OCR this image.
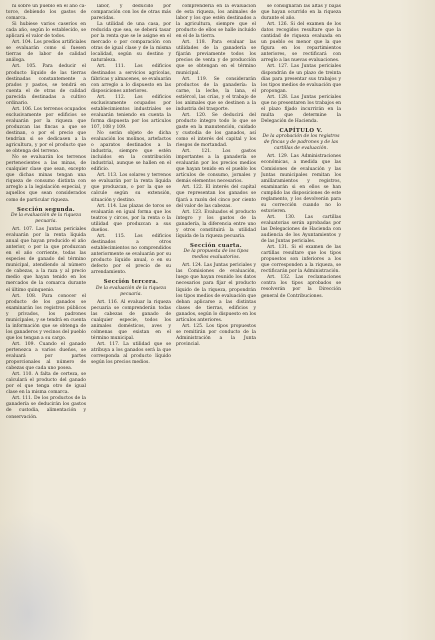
ni sobre un pueblo en el año ca-torce, debiendo los gastos de comarca.

Si hubiese varios caseríos en cada año, según lo establecido, se aplicará el valor de todos.

Art. 104. Los predios artificiales se evaluarán como si fuesen tierras de labor de calidad análoga.

Art. 105. Para deducir el producto líquido de las tierras destinadas constantemente a prados y pastos, se tendrá en cuenta el de otras de calidad parecida destinadas a cultivo ordinario.

Art. 106. Los terrenos ocupados exclusivamente por edificios se evaluarán por la riqueza que produzcan las fincas a que se destinan, o por el precio que tendrían si se dedicasen a la agricultura, y por el producto que se obtenga del terreno.

No se evaluarán los terrenos pertenecientes a las minas, de cualquier clase que sean, excepto que dichas minas tengan una riqueza de consumo distinta con arreglo a la legislación especial, y aquellos que sean considerados como de particular riqueza.

Sección segunda.

De la evaluación de la riqueza pecuaria.

Art. 107. Las Juntas periciales evaluarán por la renta líquida anual que hayan producido el año anterior, o por la que produzcan en el año corriente, todas las especies de ganado del término municipal, atendiendo al número de cabezas, a la raza y al precio medio que hayan tenido en los mercados de la comarca durante el último quinquenio.

Art. 108. Para conocer el producto de los ganados se examinarán los registros públicos y privados, los padrones municipales, y se tendrá en cuenta la información que se obtenga de los ganaderos y vecinos del pueblo que los tengan a su cargo.

Art. 109. Cuando el ganado pertenezca a varios dueños, se evaluará por partes proporcionales al número de cabezas que cada uno posea.

Art. 110. A falta de certeza, se calculará el producto del ganado por el que tenga otro de igual clase en la misma comarca.

Art. 111. De los productos de la ganadería se deducirán los gastos de custodia, alimentación y conservación.

labor, y deducido por comparación con los de otras más parecidas.

La utilidad de una casa, por reducida que sea, se deberá tasar por la renta que se le asigne en el mercado o por comparación con otras de igual clase y de la misma localidad, según su destino y naturaleza.

Art. 111. Los edificios destinados a servicios agrícolas, fábricas y almacenes, se evaluarán con arreglo a lo dispuesto en las disposiciones anteriores.

Art. 112. Los edificios exclusivamente ocupados por establecimientos industriales se evaluarán teniendo en cuenta la forma dispuesta por los artículos 107, 108 y 109.

No serán objeto de dicha evaluación los molinos, artefactos o aparatos destinados a la industria, siempre que estén incluidos en la contribución industrial, aunque se hallen en el edificio.

Art. 113. Los solares y terrenos se evaluarán por la renta líquida que produzcan, o por la que se calcule según su extensión, situación y destino.

Art. 114. Las plazas de toros se evaluarán en igual forma que los teatros y circos, por la renta o la utilidad que produzcan a sus dueños.

Art. 115. Los edificios destinados a otros establecimientos no comprendidos anteriormente se evaluarán por su producto líquido anual, o en su defecto por el precio de su arrendamiento.

Sección tercera.

De la evaluación de la riqueza pecuaria.

Art. 116. Al evaluar la riqueza pecuaria se comprenderán todas las cabezas de ganado de cualquier especie, todos los animales domésticos, aves y colmenas que existan en el término municipal.

Art. 117. La utilidad que se atribuya a los ganados será la que corresponda al producto líquido según los precios medios.

comprendería en la evaluación de esta riqueza, los animales de labor y los que estén destinados a la agricultura, siempre que el producto de ellos se halle incluido en el de la tierra.

Art. 118. Para evaluar las utilidades de la ganadería se fijarán previamente todos los precios de venta y de producción que se obtengan en el término municipal.

Art. 119. Se considerarán productos de la ganadería: la carne, la leche, la lana, el estiércol, las crías, y el trabajo de los animales que se destinen a la industria del trasporte.

Art. 120. Se deducirá del producto íntegro todo lo que se gaste en la manutención, cuidado y custodia de los ganados, así como el interés del capital y los riesgos de mortandad.

Art. 121. Los gastos importantes a la ganadería se evaluarán por los precios medios que hayan tenido en el pueblo los artículos de consumo, jornales y demás elementos necesarios.

Art. 122. El interés del capital que representan los ganados se fijará a razón del cinco por ciento del valor de las cabezas.

Art. 123. Evaluados el producto íntegro y los gastos de la ganadería, la diferencia entre uno y otros constituirá la utilidad líquida de la riqueza pecuaria.

Sección cuarta.

De la propuesta de los tipos medios evaluatorios.

Art. 124. Las Juntas periciales y las Comisiones de evaluación, luego que hayan reunido los datos necesarios para fijar el producto líquido de la riqueza, propondrán los tipos medios de evaluación que deban aplicarse a las distintas clases de tierras, edificios y ganados, según lo dispuesto en los artículos anteriores.

Art. 125. Los tipos propuestos se remitirán por conducto de la Administración a la Junta provincial.

se consignarán las altas y bajas que hayan ocurrido en la riqueza durante el año.

Art. 126. Si del examen de los datos recogidos resultare que la cantidad de riqueza evaluada en un pueblo es menor que la que figura en los repartimientos anteriores, se rectificará con arreglo a las nuevas evaluaciones.

Art. 127. Las Juntas periciales dispondrán de un plazo de treinta días para presentar sus trabajos y los tipos medios de evaluación que propongan.

Art. 128. Las Juntas periciales que no presentaren los trabajos en el plazo fijado incurrirán en la multa que determine la Delegación de Hacienda.

CAPÍTULO V.

De la aprobación de los registros de fincas y de padrones y de las cartillas de evaluación.

Art. 129. Las Administraciones económicas, a medida que las Comisiones de evaluación y las Juntas municipales remitan los amillaramientos y registros, examinarán si en ellos se han cumplido las disposiciones de este reglamento, y los devolverán para su corrección cuando no lo estuvieren.

Art. 130. Las cartillas evaluatorias serán aprobadas por las Delegaciones de Hacienda con audiencia de los Ayuntamientos y de las Juntas periciales.

Art. 131. Si el examen de las cartillas resultare que los tipos propuestos son inferiores a los que corresponden a la riqueza, se rectificarán por la Administración.

Art. 132. Las reclamaciones contra los tipos aprobados se resolverán por la Dirección general de Contribuciones.
